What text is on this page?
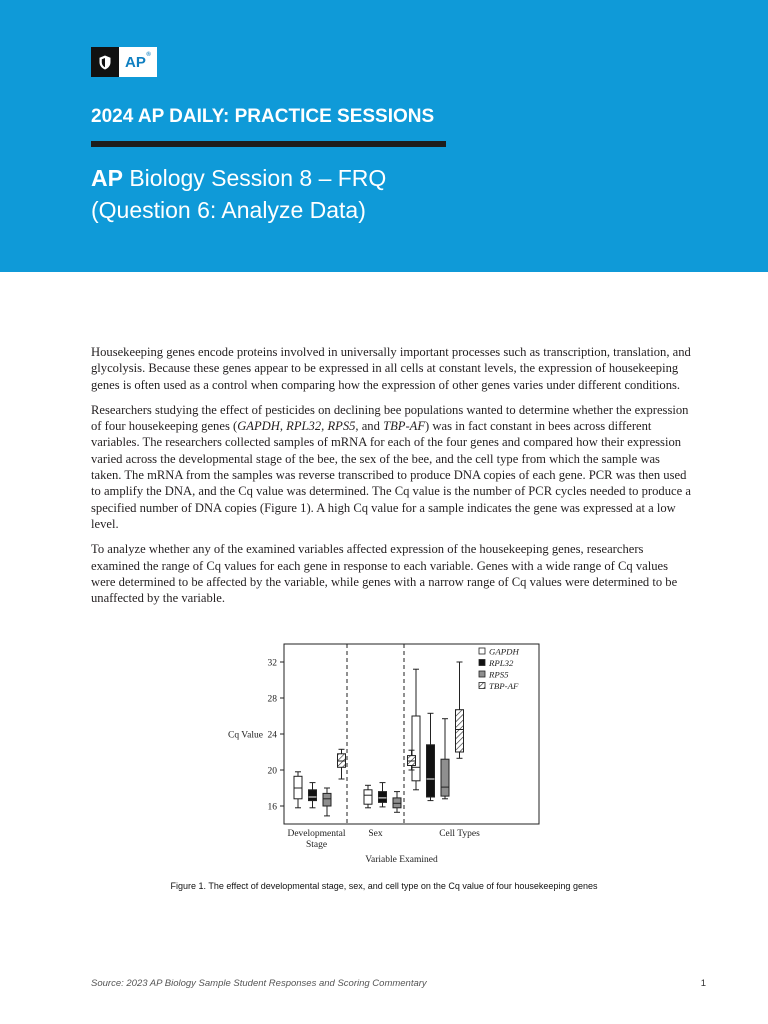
AP ®
2024 AP DAILY: PRACTICE SESSIONS
AP Biology Session 8 – FRQ
(Question 6: Analyze Data)

Housekeeping genes encode proteins involved in universally important processes such as transcription, translation, and glycolysis. Because these genes appear to be expressed in all cells at constant levels, the expression of housekeeping genes is often used as a control when comparing how the expression of other genes varies under different conditions.

Researchers studying the effect of pesticides on declining bee populations wanted to determine whether the expression of four housekeeping genes (GAPDH, RPL32, RPS5, and TBP-AF) was in fact constant in bees across different variables. The researchers collected samples of mRNA for each of the four genes and compared how their expression varied across the developmental stage of the bee, the sex of the bee, and the cell type from which the sample was taken. The mRNA from the samples was reverse transcribed to produce DNA copies of each gene. PCR was then used to amplify the DNA, and the Cq value was determined. The Cq value is the number of PCR cycles needed to produce a specified number of DNA copies (Figure 1). A high Cq value for a sample indicates the gene was expressed at a low level.

To analyze whether any of the examined variables affected expression of the housekeeping genes, researchers examined the range of Cq values for each gene in response to each variable. Genes with a wide range of Cq values were determined to be affected by the variable, while genes with a narrow range of Cq values were determined to be unaffected by the variable.

16
20
24
28
32
Cq Value
Developmental
Stage
Sex	Cell Types
Variable Examined
GAPDH
RPL32
RPS5
TBP-AF
Figure 1. The effect of developmental stage, sex, and cell type on the Cq value of four housekeeping genes
Source: 2023 AP Biology Sample Student Responses and Scoring Commentary	1
